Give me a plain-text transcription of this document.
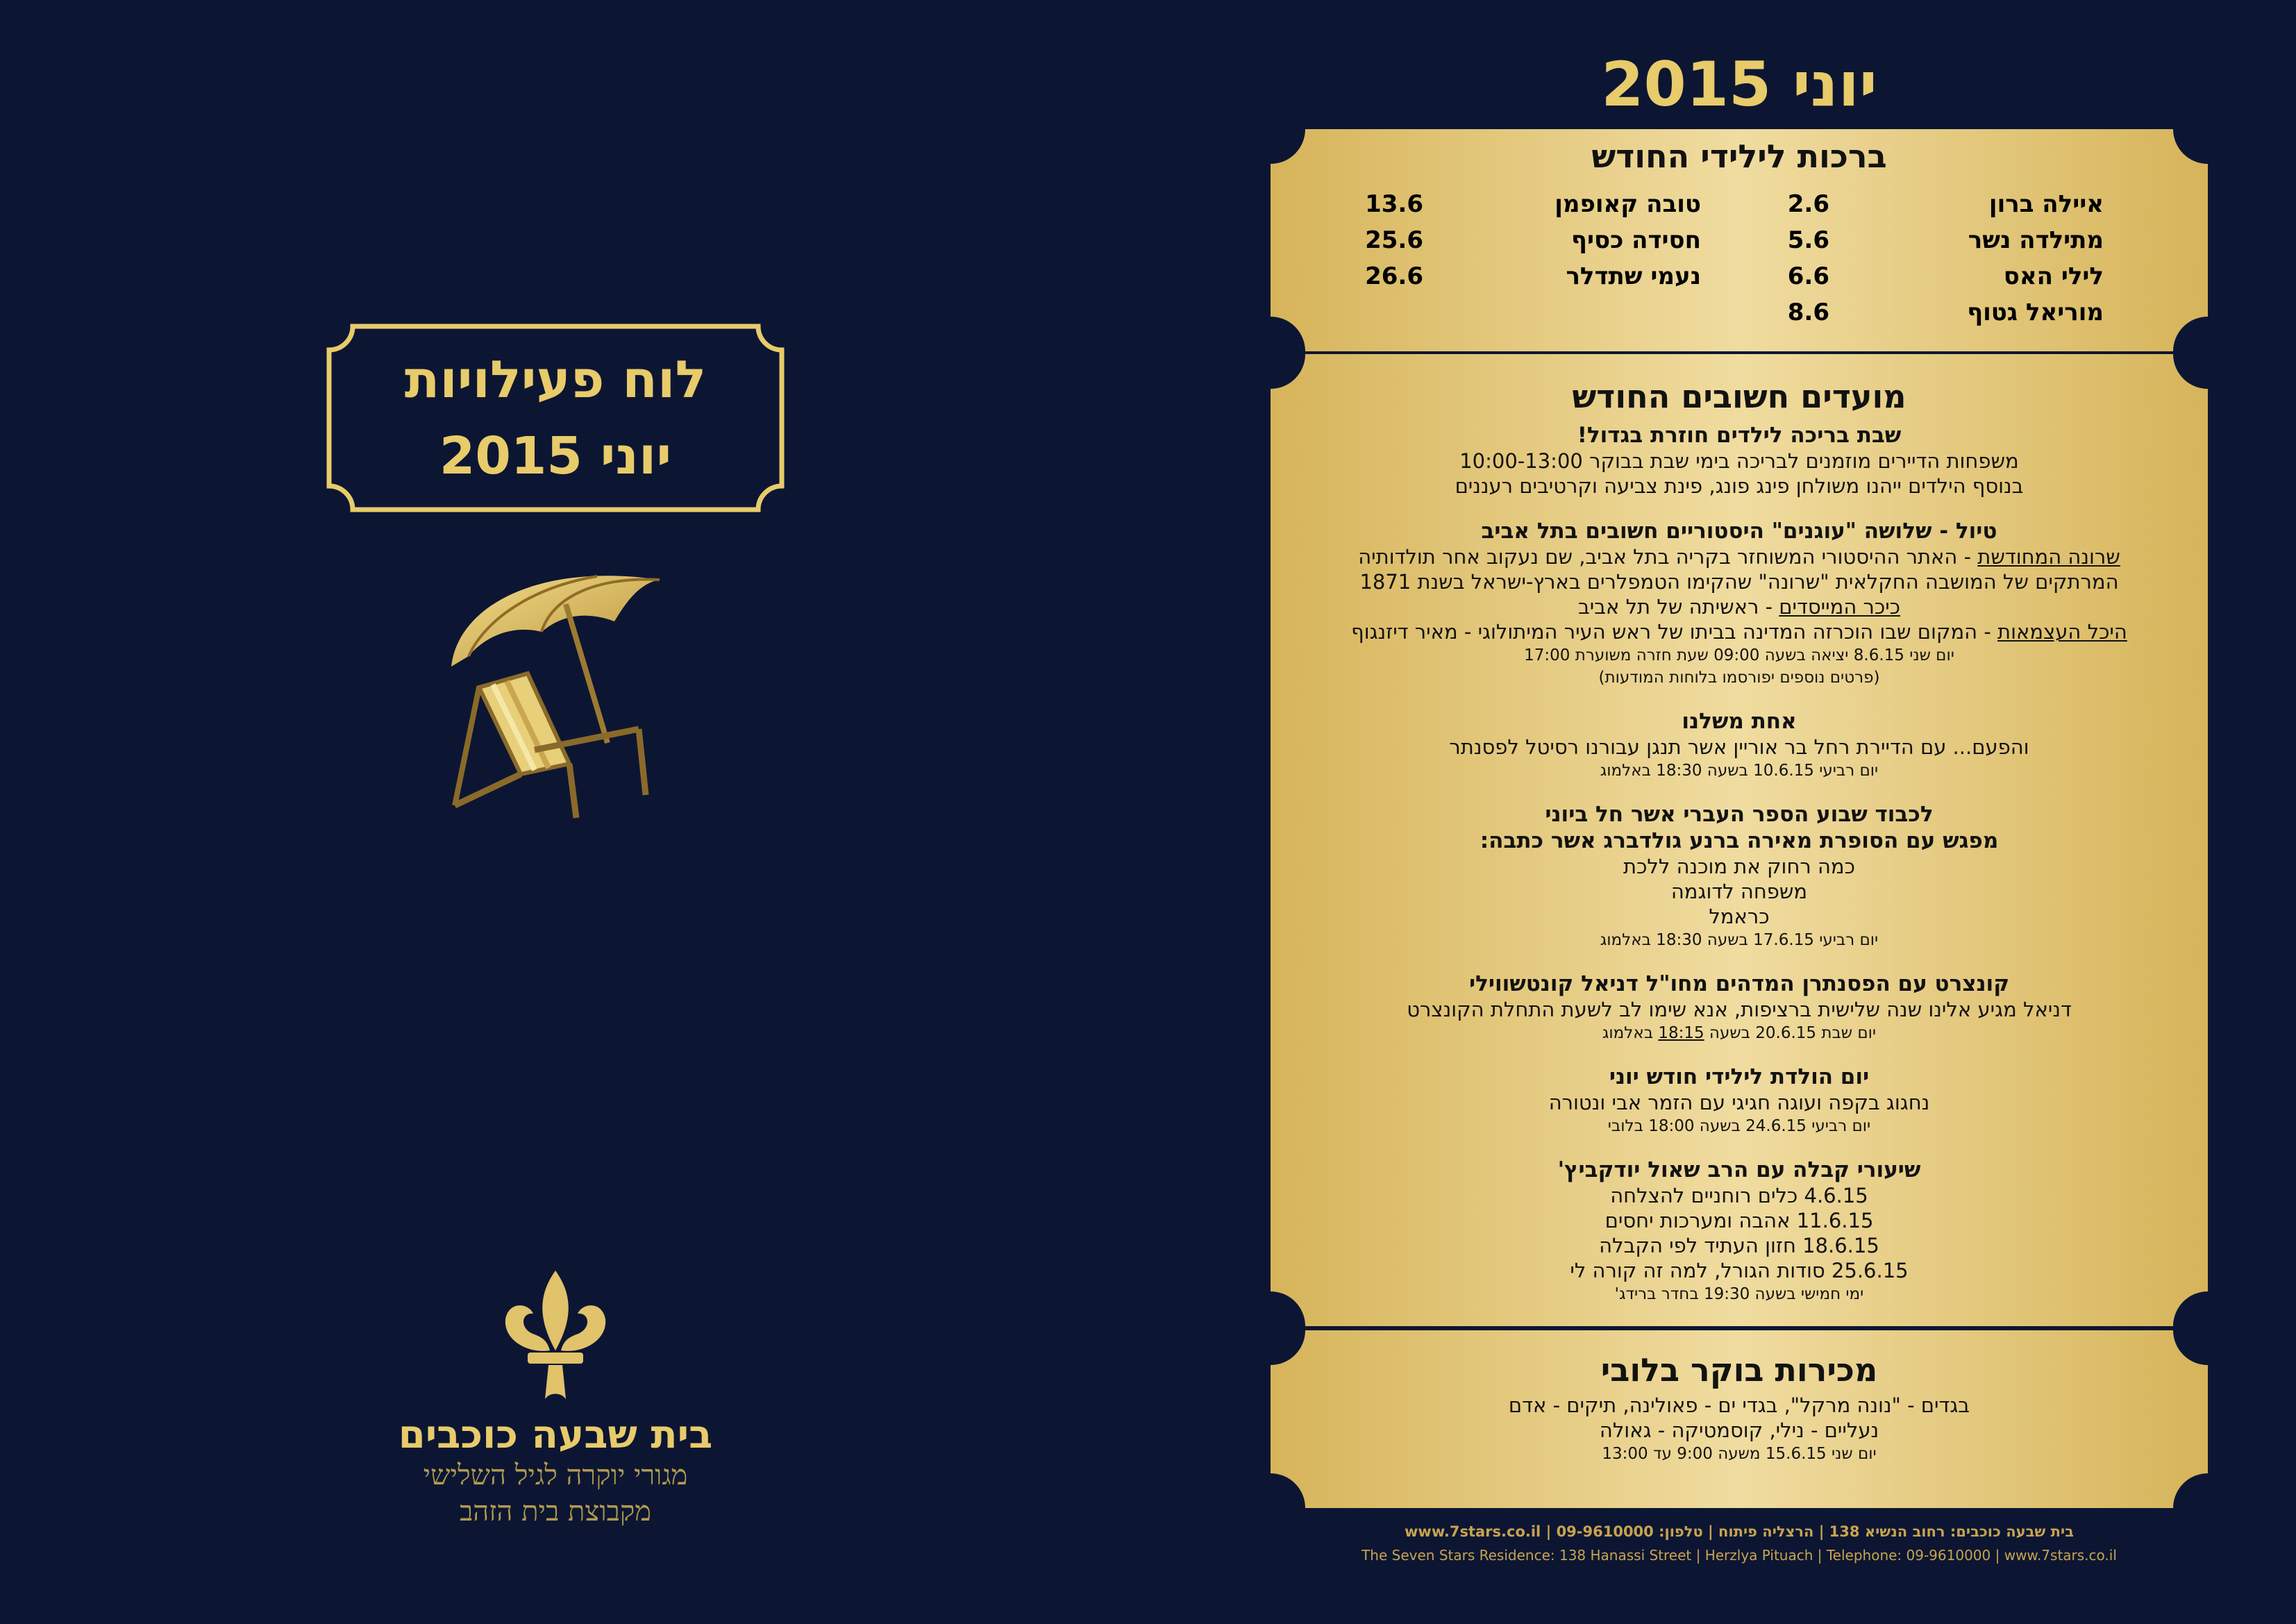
לוח פעילויות
יוני 2015
בית שבעה כוכבים
מגורי יוקרה לגיל השלישי
מקבוצת בית הזהב
יוני 2015
ברכות לילידי החודש
איילה ברון
2.6
מתילדה נשר
5.6
לילי האס
6.6
מוריאל גטוף
8.6
טובה קאופמן
13.6
חסידה כסיף
25.6
נעמי שתדלר
26.6
מועדים חשובים החודש
שבת בריכה לילדים חוזרת בגדול!
משפחות הדיירים מוזמנים לבריכה בימי שבת בבוקר 10:00-13:00
בנוסף הילדים ייהנו משולחן פינג פונג, פינת צביעה וקרטיבים רעננים
טיול - שלושה "עוגנים" היסטוריים חשובים בתל אביב
שרונה המחודשת - האתר ההיסטורי המשוחזר בקריה בתל אביב, שם נעקוב אחר תולדותיה
המרתקים של המושבה החקלאית "שרונה" שהקימו הטמפלרים בארץ-ישראל בשנת 1871
כיכר המייסדים - ראשיתה של תל אביב
היכל העצמאות - המקום שבו הוכרזה המדינה בביתו של ראש העיר המיתולוגי - מאיר דיזנגוף
יום שני 8.6.15 יציאה בשעה 09:00 שעת חזרה משוערת 17:00
(פרטים נוספים יפורסמו בלוחות המודעות)
אחת משלנו
והפעם... עם הדיירת רחל בר אוריין אשר תנגן עבורנו רסיטל לפסנתר
יום רביעי 10.6.15 בשעה 18:30 באלמוג
לכבוד שבוע הספר העברי אשר חל ביוני
מפגש עם הסופרת מאירה ברנע גולדברג אשר כתבה:
כמה רחוק את מוכנה ללכת
משפחה לדוגמה
כראמל
יום רביעי 17.6.15 בשעה 18:30 באלמוג
קונצרט עם הפסנתרן המדהים מחו"ל דניאל קונטשווילי
דניאל מגיע אלינו שנה שלישית ברציפות, אנא שימו לב לשעת התחלת הקונצרט
יום שבת 20.6.15 בשעה 18:15 באלמוג
יום הולדת לילידי חודש יוני
נחגוג בקפה ועוגה חגיגי עם הזמר אבי ונטורה
יום רביעי 24.6.15 בשעה 18:00 בלובי
שיעורי קבלה עם הרב שאול יודקביץ'
4.6.15 כלים רוחניים להצלחה
11.6.15 אהבה ומערכות יחסים
18.6.15 חזון העתיד לפי הקבלה
25.6.15 סודות הגורל, למה זה קורה לי
ימי חמישי בשעה 19:30 בחדר ברידג'
מכירות בוקר בלובי
בגדים - "נונה מרקל", בגדי ים - פאולינה, תיקים - אדם
נעליים - נילי, קוסמטיקה - גאולה
יום שני 15.6.15 משעה 9:00 עד 13:00
בית שבעה כוכבים: רחוב הנשיא 138 | הרצליה פיתוח | טלפון: 09-9610000 | www.7stars.co.il
The Seven Stars Residence: 138 Hanassi Street | Herzlya Pituach | Telephone: 09-9610000 | www.7stars.co.il
